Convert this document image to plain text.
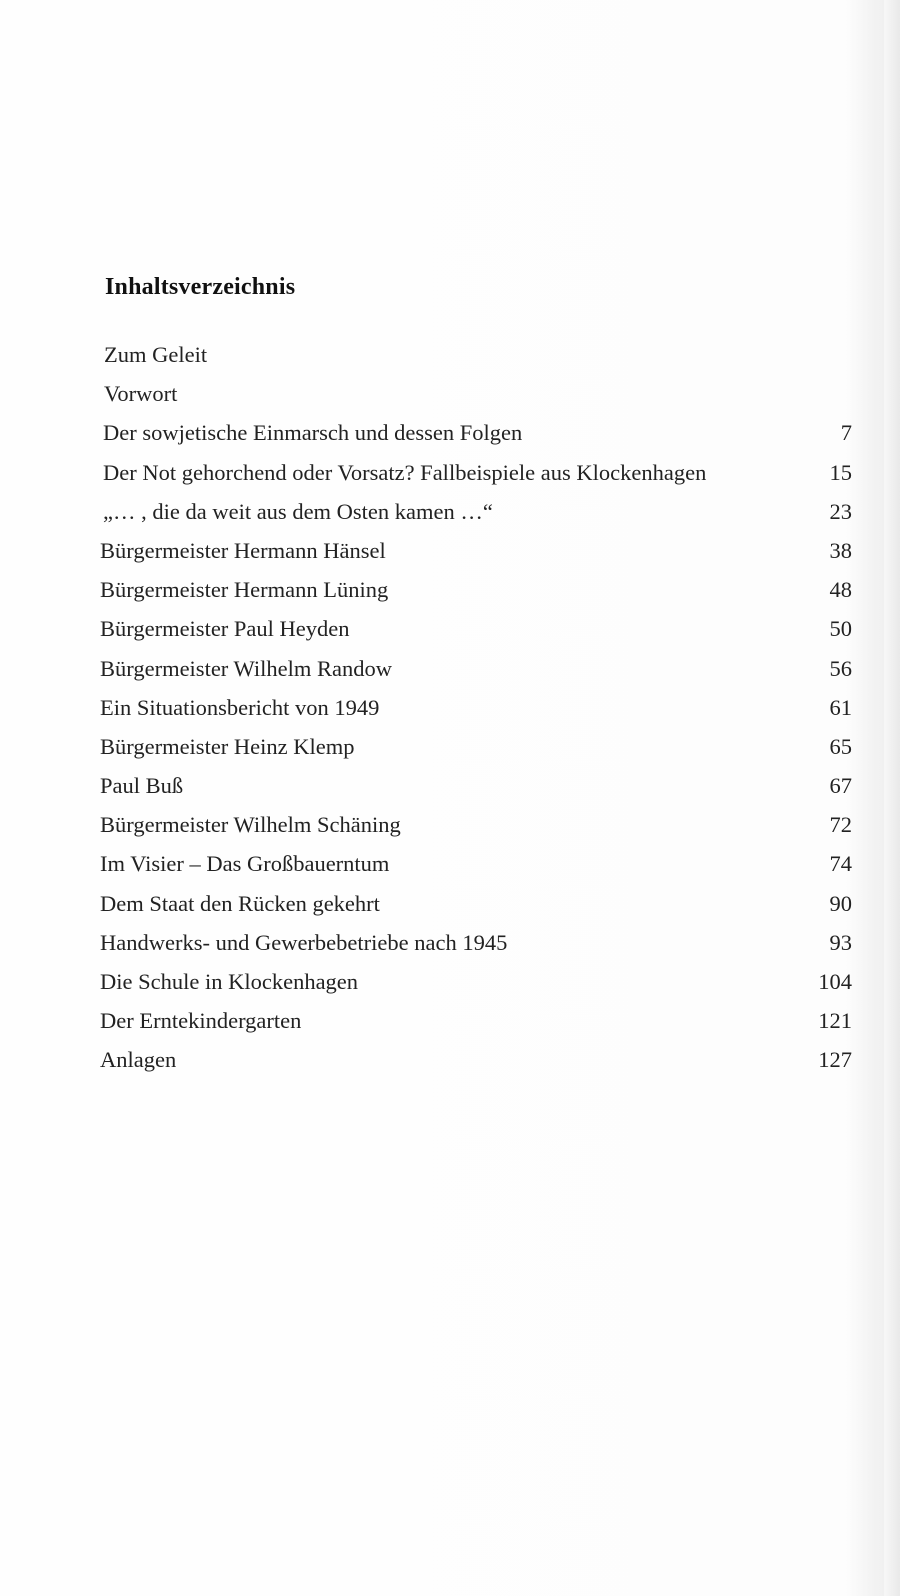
Inhaltsverzeichnis
Zum Geleit
Vorwort
Der sowjetische Einmarsch und dessen Folgen	7
Der Not gehorchend oder Vorsatz? Fallbeispiele aus Klockenhagen	15
„… , die da weit aus dem Osten kamen …“	23
Bürgermeister Hermann Hänsel	38
Bürgermeister Hermann Lüning	48
Bürgermeister Paul Heyden	50
Bürgermeister Wilhelm Randow	56
Ein Situationsbericht von 1949	61
Bürgermeister Heinz Klemp	65
Paul Buß	67
Bürgermeister Wilhelm Schäning	72
Im Visier – Das Großbauerntum	74
Dem Staat den Rücken gekehrt	90
Handwerks- und Gewerbebetriebe nach 1945	93
Die Schule in Klockenhagen	104
Der Erntekindergarten	121
Anlagen	127
